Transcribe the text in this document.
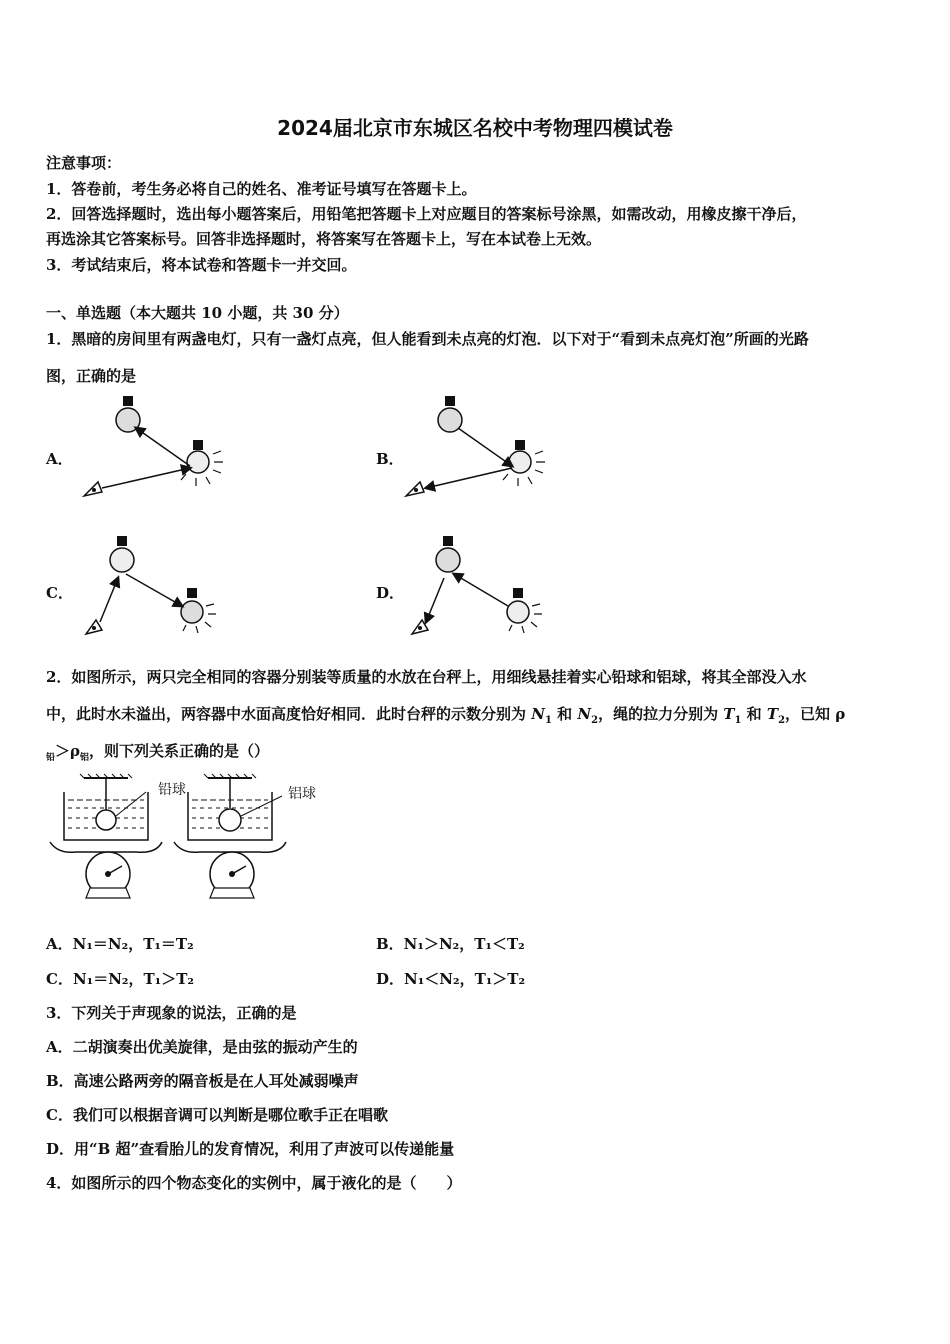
2024届北京市东城区名校中考物理四模试卷
注意事项：
1．答卷前，考生务必将自己的姓名、准考证号填写在答题卡上。
2．回答选择题时，选出每小题答案后，用铅笔把答题卡上对应题目的答案标号涂黑，如需改动，用橡皮擦干净后，
再选涂其它答案标号。回答非选择题时，将答案写在答题卡上，写在本试卷上无效。
3．考试结束后，将本试卷和答题卡一并交回。
一、单选题（本大题共 10 小题，共 30 分）
1．黑暗的房间里有两盏电灯，只有一盏灯点亮，但人能看到未点亮的灯泡．以下对于“看到未点亮灯泡”所画的光路
图，正确的是
A．	B．
C．	D．
2．如图所示，两只完全相同的容器分别装等质量的水放在台秤上，用细线悬挂着实心铅球和铝球，将其全部没入水
中，此时水未溢出，两容器中水面高度恰好相同．此时台秤的示数分别为 $N_1$ 和 $N_2$，绳的拉力分别为 $T_1$ 和 $T_2$，已知 ρ
$_铅>\rho_铝$，则下列关系正确的是（）
铅球	铝球
A．N₁＝N₂，T₁＝T₂	B．N₁＞N₂，T₁＜T₂
C．N₁＝N₂，T₁＞T₂	D．N₁＜N₂，T₁＞T₂
3．下列关于声现象的说法，正确的是
A．二胡演奏出优美旋律，是由弦的振动产生的
B．高速公路两旁的隔音板是在人耳处减弱噪声
C．我们可以根据音调可以判断是哪位歌手正在唱歌
D．用“B 超”查看胎儿的发育情况，利用了声波可以传递能量
4．如图所示的四个物态变化的实例中，属于液化的是（　　）
